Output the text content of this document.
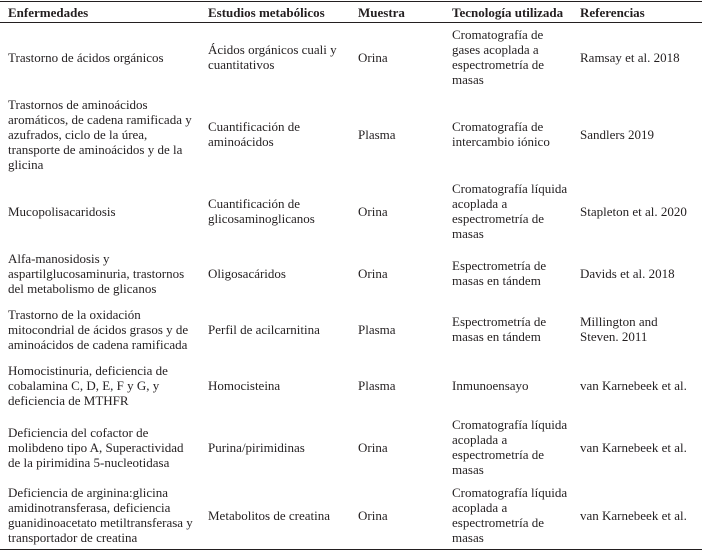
Enfermedades	Estudios metabólicos	Muestra	Tecnología utilizada	Referencias
Trastorno de ácidos orgánicos	Ácidos orgánicos cuali y cuantitativos	Orina	Cromatografía de gases acoplada a espectrometría de masas	Ramsay et al. 2018
Trastornos de aminoácidos aromáticos, de cadena ramificada y azufrados, ciclo de la úrea, transporte de aminoácidos y de la glicina	Cuantificación de aminoácidos	Plasma	Cromatografía de intercambio iónico	Sandlers 2019
Mucopolisacaridosis	Cuantificación de glicosaminoglicanos	Orina	Cromatografía líquida acoplada a espectrometría de masas	Stapleton et al. 2020
Alfa-manosidosis y aspartilglucosaminuria, trastornos del metabolismo de glicanos	Oligosacáridos	Orina	Espectrometría de masas en tándem	Davids et al. 2018
Trastorno de la oxidación mitocondrial de ácidos grasos y de aminoácidos de cadena ramificada	Perfil de acilcarnitina	Plasma	Espectrometría de masas en tándem	Millington and Steven. 2011
Homocistinuria, deficiencia de cobalamina C, D, E, F y G, y deficiencia de MTHFR	Homocisteina	Plasma	Inmunoensayo	van Karnebeek et al.
Deficiencia del cofactor de molibdeno tipo A, Superactividad de la pirimidina 5-nucleotidasa	Purina/pirimidinas	Orina	Cromatografía líquida acoplada a espectrometría de masas	van Karnebeek et al.
Deficiencia de arginina:glicina amidinotransferasa, deficiencia guanidinoacetato metiltransferasa y transportador de creatina	Metabolitos de creatina	Orina	Cromatografía líquida acoplada a espectrometría de masas	van Karnebeek et al.
